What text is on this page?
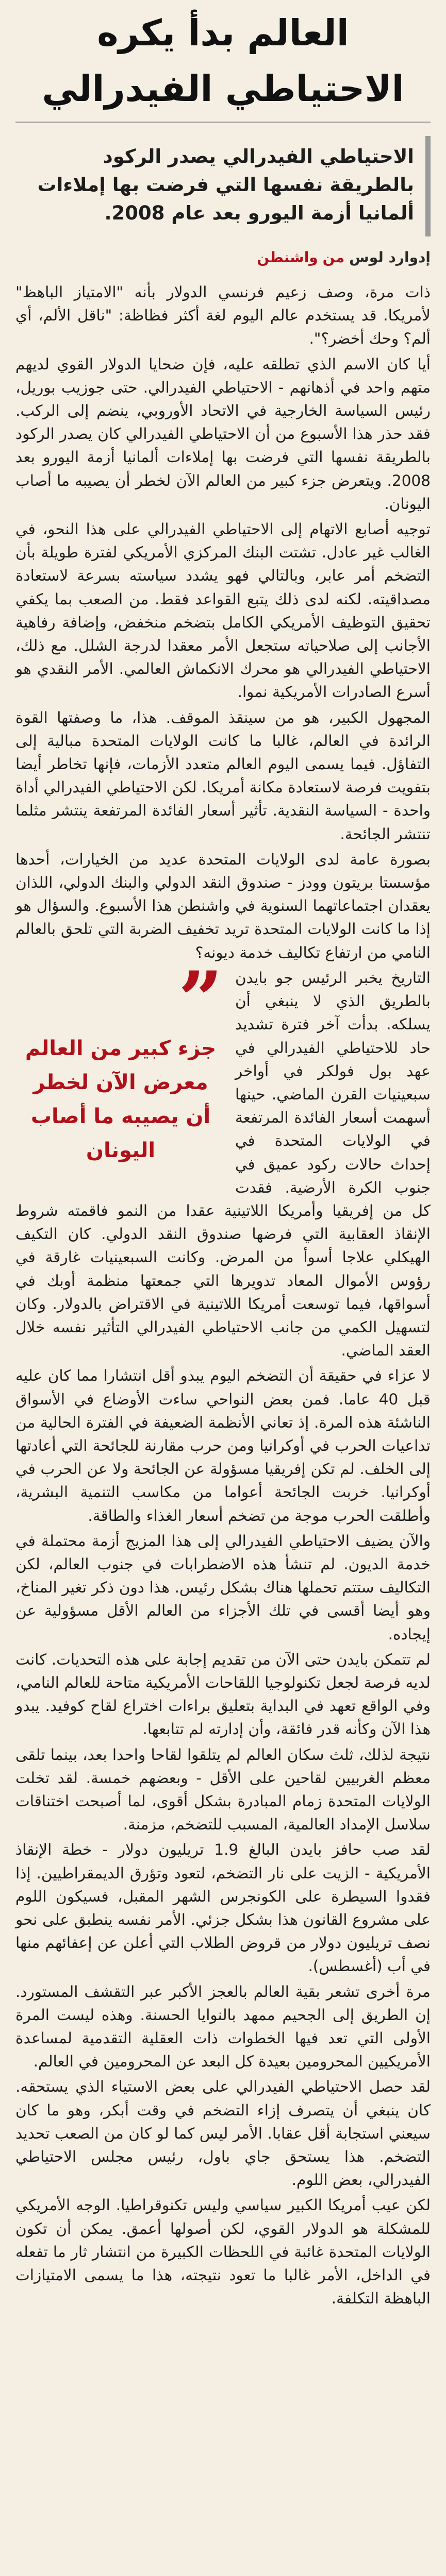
العالم بدأ يكره الاحتياطي الفيدرالي
الاحتياطي الفيدرالي يصدر الركود بالطريقة نفسها التي فرضت بها إملاءات ألمانيا أزمة اليورو بعد عام 2008.
إدوارد لوس من واشنطن

ذات مرة، وصف زعيم فرنسي الدولار بأنه "الامتياز الباهظ" لأمريكا. قد يستخدم عالم اليوم لغة أكثر فظاظة: "ناقل الألم، أي ألم؟ وحك أخضر؟".

أيا كان الاسم الذي تطلقه عليه، فإن ضحايا الدولار القوي لديهم متهم واحد في أذهانهم - الاحتياطي الفيدرالي. حتى جوزيب بوريل، رئيس السياسة الخارجية في الاتحاد الأوروبي، ينضم إلى الركب. فقد حذر هذا الأسبوع من أن الاحتياطي الفيدرالي كان يصدر الركود بالطريقة نفسها التي فرضت بها إملاءات ألمانيا أزمة اليورو بعد 2008. ويتعرض جزء كبير من العالم الآن لخطر أن يصيبه ما أصاب اليونان.

توجيه أصابع الاتهام إلى الاحتياطي الفيدرالي على هذا النحو، في الغالب غير عادل. تشتت البنك المركزي الأمريكي لفترة طويلة بأن التضخم أمر عابر، وبالتالي فهو يشدد سياسته بسرعة لاستعادة مصداقيته. لكنه لدى ذلك يتبع القواعد فقط. من الصعب بما يكفي تحقيق التوظيف الأمريكي الكامل بتضخم منخفض، وإضافة رفاهية الأجانب إلى صلاحياته ستجعل الأمر معقدا لدرجة الشلل. مع ذلك، الاحتياطي الفيدرالي هو محرك الانكماش العالمي. الأمر النقدي هو أسرع الصادرات الأمريكية نموا.

المجهول الكبير، هو من سينقذ الموقف. هذا، ما وصفتها القوة الرائدة في العالم، غالبا ما كانت الولايات المتحدة مبالية إلى التفاؤل. فيما يسمى اليوم العالم متعدد الأزمات، فإنها تخاطر أيضا بتفويت فرصة لاستعادة مكانة أمريكا. لكن الاحتياطي الفيدرالي أداة واحدة - السياسة النقدية. تأثير أسعار الفائدة المرتفعة ينتشر مثلما تنتشر الجائحة.

بصورة عامة لدى الولايات المتحدة عديد من الخيارات، أحدها مؤسستا بريتون وودز - صندوق النقد الدولي والبنك الدولي، اللذان يعقدان اجتماعاتهما السنوية في واشنطن هذا الأسبوع. والسؤال هو إذا ما كانت الولايات المتحدة تريد تخفيف الضربة التي تلحق بالعالم النامي من ارتفاع تكاليف خدمة ديونه؟

”
جزء كبير من العالم معرض الآن لخطر أن يصيبه ما أصاب اليونان

التاريخ يخبر الرئيس جو بايدن بالطريق الذي لا ينبغي أن يسلكه. بدأت آخر فترة تشديد حاد للاحتياطي الفيدرالي في عهد بول فولكر في أواخر سبعينيات القرن الماضي. حينها أسهمت أسعار الفائدة المرتفعة في الولايات المتحدة في إحداث حالات ركود عميق في جنوب الكرة الأرضية. فقدت كل من إفريقيا وأمريكا اللاتينية عقدا من النمو فاقمته شروط الإنقاذ العقابية التي فرضها صندوق النقد الدولي. كان التكيف الهيكلي علاجا أسوأ من المرض. وكانت السبعينيات غارقة في رؤوس الأموال المعاد تدويرها التي جمعتها منظمة أوبك في أسواقها، فيما توسعت أمريكا اللاتينية في الاقتراض بالدولار. وكان لتسهيل الكمي من جانب الاحتياطي الفيدرالي التأثير نفسه خلال العقد الماضي.

لا عزاء في حقيقة أن التضخم اليوم يبدو أقل انتشارا مما كان عليه قبل 40 عاما. فمن بعض النواحي ساءت الأوضاع في الأسواق الناشئة هذه المرة. إذ تعاني الأنظمة الضعيفة في الفترة الحالية من تداعيات الحرب في أوكرانيا ومن حرب مقارنة للجائحة التي أعادتها إلى الخلف. لم تكن إفريقيا مسؤولة عن الجائحة ولا عن الحرب في أوكرانيا. خربت الجائحة أعواما من مكاسب التنمية البشرية، وأطلقت الحرب موجة من تضخم أسعار الغذاء والطاقة.

والآن يضيف الاحتياطي الفيدرالي إلى هذا المزيج أزمة محتملة في خدمة الديون. لم تنشأ هذه الاضطرابات في جنوب العالم، لكن التكاليف ستتم تحملها هناك بشكل رئيس. هذا دون ذكر تغير المناخ، وهو أيضا أقسى في تلك الأجزاء من العالم الأقل مسؤولية عن إيجاده.

لم تتمكن بايدن حتى الآن من تقديم إجابة على هذه التحديات. كانت لديه فرصة لجعل تكنولوجيا اللقاحات الأمريكية متاحة للعالم النامي، وفي الواقع تعهد في البداية بتعليق براءات اختراع لقاح كوفيد. يبدو هذا الآن وكأنه قدر فائقة، وأن إدارته لم تتابعها.

نتيجة لذلك، ثلث سكان العالم لم يتلقوا لقاحا واحدا بعد، بينما تلقى معظم الغربيين لقاحين على الأقل - وبعضهم خمسة. لقد تخلت الولايات المتحدة زمام المبادرة بشكل أقوى، لما أصبحت اختناقات سلاسل الإمداد العالمية، المسبب للتضخم، مزمنة.

لقد صب حافز بايدن البالغ 1.9 تريليون دولار - خطة الإنقاذ الأمريكية - الزيت على نار التضخم، لتعود وتؤرق الديمقراطيين. إذا فقدوا السيطرة على الكونجرس الشهر المقبل، فسيكون اللوم على مشروع القانون هذا بشكل جزئي. الأمر نفسه ينطبق على نحو نصف تريليون دولار من قروض الطلاب التي أعلن عن إعفائهم منها في أب (أغسطس).

مرة أخرى تشعر بقية العالم بالعجز الأكبر عبر التقشف المستورد. إن الطريق إلى الجحيم ممهد بالنوايا الحسنة. وهذه ليست المرة الأولى التي تعد فيها الخطوات ذات العقلية التقدمية لمساعدة الأمريكيين المحرومين بعيدة كل البعد عن المحرومين في العالم.

لقد حصل الاحتياطي الفيدرالي على بعض الاستياء الذي يستحقه. كان ينبغي أن يتصرف إزاء التضخم في وقت أبكر، وهو ما كان سيعني استجابة أقل عقابا. الأمر ليس كما لو كان من الصعب تحديد التضخم. هذا يستحق جاي باول، رئيس مجلس الاحتياطي الفيدرالي، بعض اللوم.

لكن عيب أمريكا الكبير سياسي وليس تكنوقراطيا. الوجه الأمريكي للمشكلة هو الدولار القوي، لكن أصولها أعمق. يمكن أن تكون الولايات المتحدة غائبة في اللحظات الكبيرة من انتشار ثار ما تفعله في الداخل، الأمر غالبا ما تعود نتيجته، هذا ما يسمى الامتيازات الباهظة التكلفة.
